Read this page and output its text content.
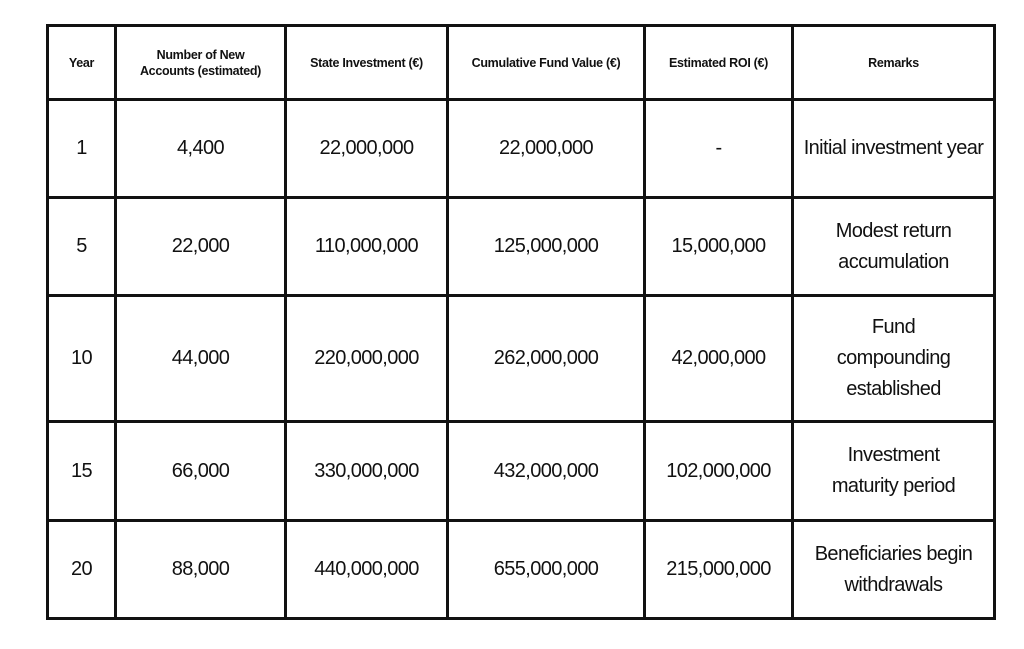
Year	Number of New Accounts (estimated)	State Investment (€)	Cumulative Fund Value (€)	Estimated ROI (€)	Remarks
1	4,400	22,000,000	22,000,000	-	Initial investment year
5	22,000	110,000,000	125,000,000	15,000,000	Modest return accumulation
10	44,000	220,000,000	262,000,000	42,000,000	Fund compounding established
15	66,000	330,000,000	432,000,000	102,000,000	Investment maturity period
20	88,000	440,000,000	655,000,000	215,000,000	Beneficiaries begin withdrawals
